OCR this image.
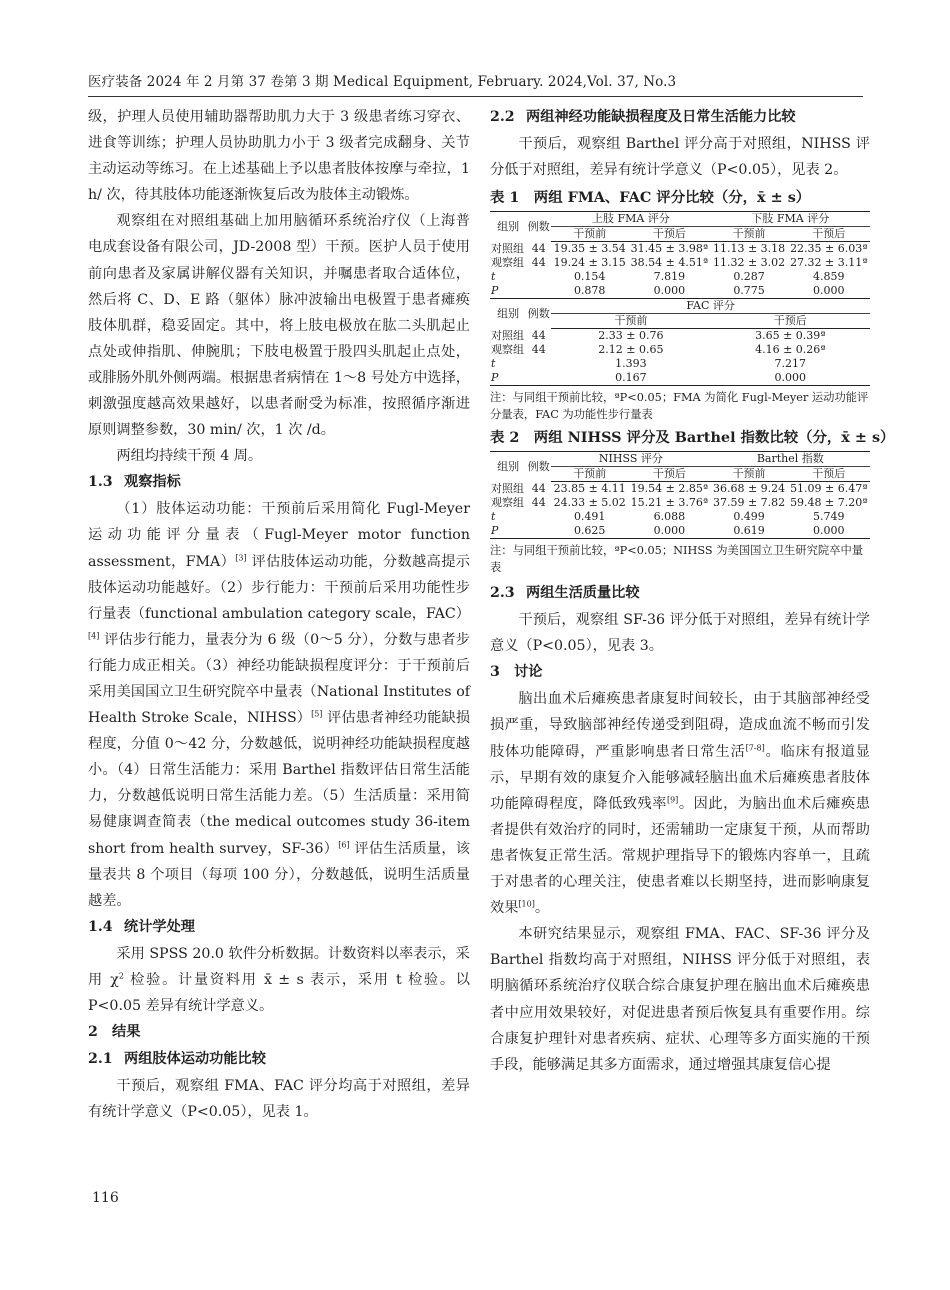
医疗装备 2024 年 2 月第 37 卷第 3 期 Medical Equipment, February. 2024,Vol. 37, No.3

级，护理人员使用辅助器帮助肌力大于 3 级患者练习穿衣、进食等训练；护理人员协助肌力小于 3 级者完成翻身、关节主动运动等练习。在上述基础上予以患者肢体按摩与牵拉，1 h/ 次，待其肢体功能逐渐恢复后改为肢体主动锻炼。

观察组在对照组基础上加用脑循环系统治疗仪（上海普电成套设备有限公司，JD-2008 型）干预。医护人员于使用前向患者及家属讲解仪器有关知识，并嘱患者取合适体位，然后将 C、D、E 路（躯体）脉冲波输出电极置于患者瘫痪肢体肌群，稳妥固定。其中，将上肢电极放在肱二头肌起止点处或伸指肌、伸腕肌；下肢电极置于股四头肌起止点处，或腓肠外肌外侧两端。根据患者病情在 1～8 号处方中选择，刺激强度越高效果越好，以患者耐受为标准，按照循序渐进原则调整参数，30 min/ 次，1 次 /d。

两组均持续干预 4 周。

1.3 观察指标

（1）肢体运动功能：干预前后采用简化 Fugl-Meyer 运动功能评分量表（Fugl-Meyer motor function assessment，FMA）[3] 评估肢体运动功能，分数越高提示肢体运动功能越好。（2）步行能力：干预前后采用功能性步行量表（functional ambulation category scale，FAC）[4] 评估步行能力，量表分为 6 级（0～5 分），分数与患者步行能力成正相关。（3）神经功能缺损程度评分：于干预前后采用美国国立卫生研究院卒中量表（National Institutes of Health Stroke Scale，NIHSS）[5] 评估患者神经功能缺损程度，分值 0～42 分，分数越低，说明神经功能缺损程度越小。（4）日常生活能力：采用 Barthel 指数评估日常生活能力，分数越低说明日常生活能力差。（5）生活质量：采用简易健康调查简表（the medical outcomes study 36-item short from health survey，SF-36）[6] 评估生活质量，该量表共 8 个项目（每项 100 分），分数越低，说明生活质量越差。

1.4 统计学处理

采用 SPSS 20.0 软件分析数据。计数资料以率表示，采用 $\chi^2$ 检验。计量资料用 x̄ ± s 表示，采用 t 检验。以 P<0.05 差异有统计学意义。

2 结果

2.1 两组肢体运动功能比较

干预后，观察组 FMA、FAC 评分均高于对照组，差异有统计学意义（P<0.05），见表 1。

2.2 两组神经功能缺损程度及日常生活能力比较

干预后，观察组 Barthel 评分高于对照组，NIHSS 评分低于对照组，差异有统计学意义（P<0.05），见表 2。

表 1　两组 FMA、FAC 评分比较（分，x̄ ± s）
组别	例数	上肢 FMA 评分		下肢 FMA 评分	
		干预前	干预后	干预前	干预后
对照组	44	19.35 ± 3.54	31.45 ± 3.98ª	11.13 ± 3.18	22.35 ± 6.03ª
观察组	44	19.24 ± 3.15	38.54 ± 4.51ª	11.32 ± 3.02	27.32 ± 3.11ª
t		0.154	7.819	0.287	4.859
P		0.878	0.000	0.775	0.000
组别	例数	FAC 评分			
		干预前		干预后	
对照组	44	2.33 ± 0.76		3.65 ± 0.39ª	
观察组	44	2.12 ± 0.65		4.16 ± 0.26ª	
t		1.393		7.217	
P		0.167		0.000	
注：与同组干预前比较，ªP<0.05；FMA 为简化 Fugl-Meyer 运动功能评分量表，FAC 为功能性步行量表
表 2　两组 NIHSS 评分及 Barthel 指数比较（分，x̄ ± s）
组别	例数	NIHSS 评分		Barthel 指数	
		干预前	干预后	干预前	干预后
对照组	44	23.85 ± 4.11	19.54 ± 2.85ª	36.68 ± 9.24	51.09 ± 6.47ª
观察组	44	24.33 ± 5.02	15.21 ± 3.76ª	37.59 ± 7.82	59.48 ± 7.20ª
t		0.491	6.088	0.499	5.749
P		0.625	0.000	0.619	0.000
注：与同组干预前比较，ªP<0.05；NIHSS 为美国国立卫生研究院卒中量表

2.3 两组生活质量比较

干预后，观察组 SF-36 评分低于对照组，差异有统计学意义（P<0.05），见表 3。

3 讨论

脑出血术后瘫痪患者康复时间较长，由于其脑部神经受损严重，导致脑部神经传递受到阻碍，造成血流不畅而引发肢体功能障碍，严重影响患者日常生活[7-8]。临床有报道显示，早期有效的康复介入能够减轻脑出血术后瘫痪患者肢体功能障碍程度，降低致残率[9]。因此，为脑出血术后瘫痪患者提供有效治疗的同时，还需辅助一定康复干预，从而帮助患者恢复正常生活。常规护理指导下的锻炼内容单一，且疏于对患者的心理关注，使患者难以长期坚持，进而影响康复效果[10]。

本研究结果显示，观察组 FMA、FAC、SF-36 评分及 Barthel 指数均高于对照组，NIHSS 评分低于对照组，表明脑循环系统治疗仪联合综合康复护理在脑出血术后瘫痪患者中应用效果较好，对促进患者预后恢复具有重要作用。综合康复护理针对患者疾病、症状、心理等多方面实施的干预手段，能够满足其多方面需求，通过增强其康复信心提

116
